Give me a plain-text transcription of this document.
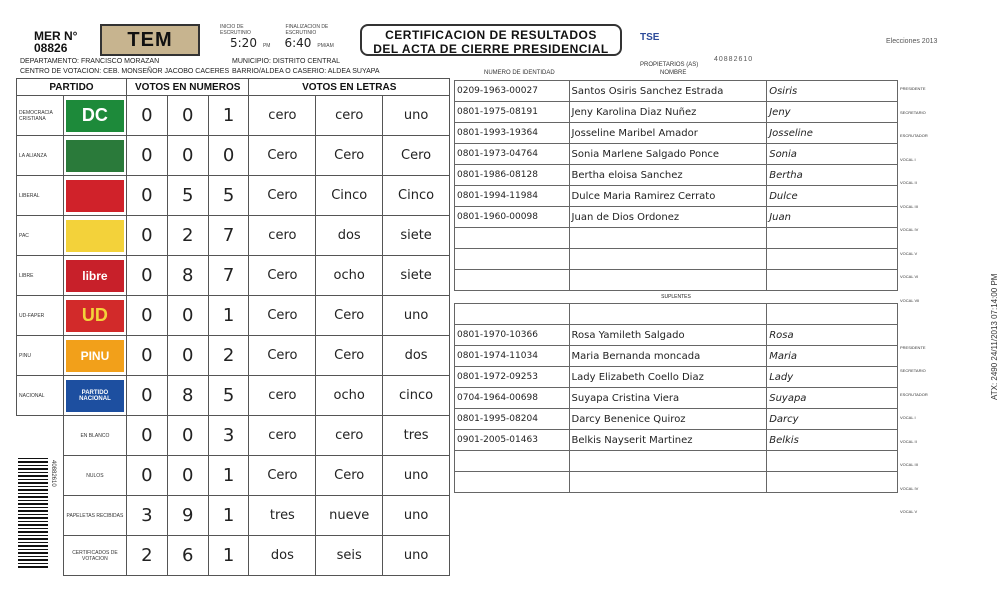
MER N°
08826	TEM
INICIO DE ESCRUTINIO
FINALIZACION DE ESCRUTINIO
5:20 PM 6:40 PM/AM
CERTIFICACION DE RESULTADOS
DEL ACTA DE CIERRE PRESIDENCIAL
TSE
40882610
Elecciones 2013
PROPIETARIOS (AS)
NOMBRE
NUMERO DE IDENTIDAD
DEPARTAMENTO: FRANCISCO MORAZAN	MUNICIPIO: DISTRITO CENTRAL
CENTRO DE VOTACION: CEB. MONSEÑOR JACOBO CACERES BARRIO/ALDEA O CASERIO: ALDEA SUYAPA
PARTIDO		VOTOS EN NUMEROS			VOTOS EN LETRAS		
DEMOCRACIA CRISTIANA	DC	0	0	1	cero	cero	uno
LA ALIANZA		0	0	0	Cero	Cero	Cero
LIBERAL		0	5	5	Cero	Cinco	Cinco
PAC		0	2	7	cero	dos	siete
LIBRE	libre	0	8	7	Cero	ocho	siete
UD-FAPER	UD	0	0	1	Cero	Cero	uno
PINU	PINU	0	0	2	Cero	Cero	dos
NACIONAL	PARTIDO NACIONAL	0	8	5	cero	ocho	cinco
	EN BLANCO	0	0	3	cero	cero	tres
	NULOS	0	0	1	Cero	Cero	uno
	PAPELETAS RECIBIDAS	3	9	1	tres	nueve	uno
	CERTIFICADOS DE VOTACION	2	6	1	dos	seis	uno
0209-1963-00027	Santos Osiris Sanchez Estrada	Osiris
0801-1975-08191	Jeny Karolina Diaz Nuñez	Jeny
0801-1993-19364	Josseline Maribel Amador	Josseline
0801-1973-04764	Sonia Marlene Salgado Ponce	Sonia
0801-1986-08128	Bertha eloisa Sanchez	Bertha
0801-1994-11984	Dulce Maria Ramirez Cerrato	Dulce
0801-1960-00098	Juan de Dios Ordonez	Juan

SUPLENTES		

0801-1970-10366	Rosa Yamileth Salgado	Rosa
0801-1974-11034	Maria Bernanda moncada	Maria
0801-1972-09253	Lady Elizabeth Coello Diaz	Lady
0704-1964-00698	Suyapa Cristina Viera	Suyapa
0801-1995-08204	Darcy Benenice Quiroz	Darcy
0901-2005-01463	Belkis Nayserit Martinez	Belkis

PRESIDENTE
SECRETARIO
ESCRUTADOR
VOCAL I
VOCAL II
VOCAL III
VOCAL IV
VOCAL V
VOCAL VI
VOCAL VII
PRESIDENTE
SECRETARIO
ESCRUTADOR
VOCAL I
VOCAL II
VOCAL III
VOCAL IV
VOCAL V
40882610
ATX: 2490 24/11/2013 07:14:00 PM
